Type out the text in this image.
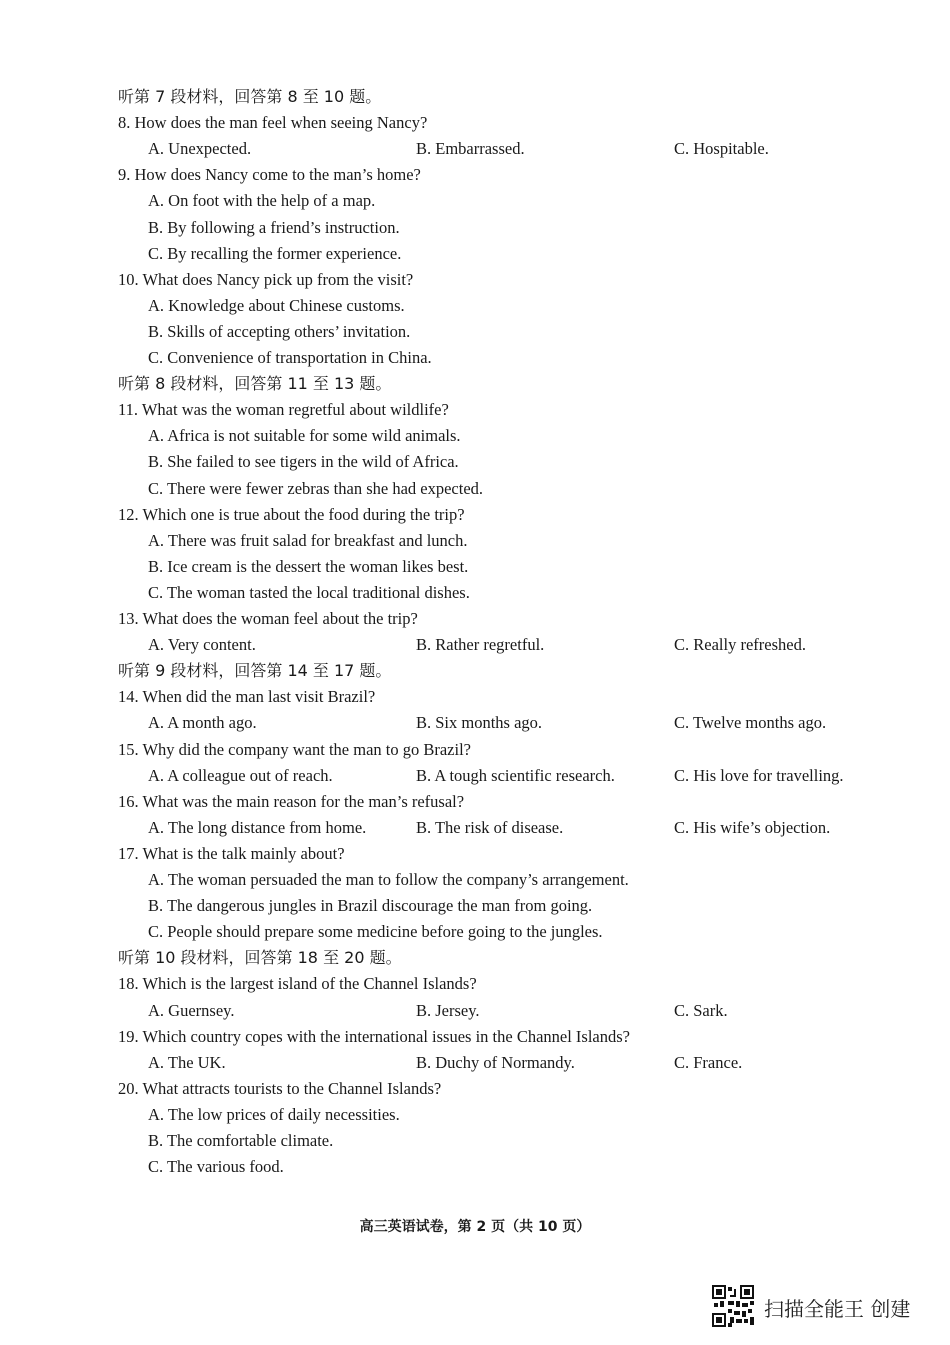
听第 7 段材料，回答第 8 至 10 题。
8. How does the man feel when seeing Nancy?
A. Unexpected.	B. Embarrassed.	C. Hospitable.
9. How does Nancy come to the man’s home?
A. On foot with the help of a map.
B. By following a friend’s instruction.
C. By recalling the former experience.
10. What does Nancy pick up from the visit?
A. Knowledge about Chinese customs.
B. Skills of accepting others’ invitation.
C. Convenience of transportation in China.
听第 8 段材料，回答第 11 至 13 题。
11. What was the woman regretful about wildlife?
A. Africa is not suitable for some wild animals.
B. She failed to see tigers in the wild of Africa.
C. There were fewer zebras than she had expected.
12. Which one is true about the food during the trip?
A. There was fruit salad for breakfast and lunch.
B. Ice cream is the dessert the woman likes best.
C. The woman tasted the local traditional dishes.
13. What does the woman feel about the trip?
A. Very content.	B. Rather regretful.	C. Really refreshed.
听第 9 段材料，回答第 14 至 17 题。
14. When did the man last visit Brazil?
A. A month ago.	B. Six months ago.	C. Twelve months ago.
15. Why did the company want the man to go Brazil?
A. A colleague out of reach.	B. A tough scientific research.	C. His love for travelling.
16. What was the main reason for the man’s refusal?
A. The long distance from home.	B. The risk of disease.	C. His wife’s objection.
17. What is the talk mainly about?
A. The woman persuaded the man to follow the company’s arrangement.
B. The dangerous jungles in Brazil discourage the man from going.
C. People should prepare some medicine before going to the jungles.
听第 10 段材料，回答第 18 至 20 题。
18. Which is the largest island of the Channel Islands?
A. Guernsey.	B. Jersey.	C. Sark.
19. Which country copes with the international issues in the Channel Islands?
A. The UK.	B. Duchy of Normandy.	C. France.
20. What attracts tourists to the Channel Islands?
A. The low prices of daily necessities.
B. The comfortable climate.
C. The various food.
高三英语试卷，第 2 页（共 10 页）
扫描全能王 创建
